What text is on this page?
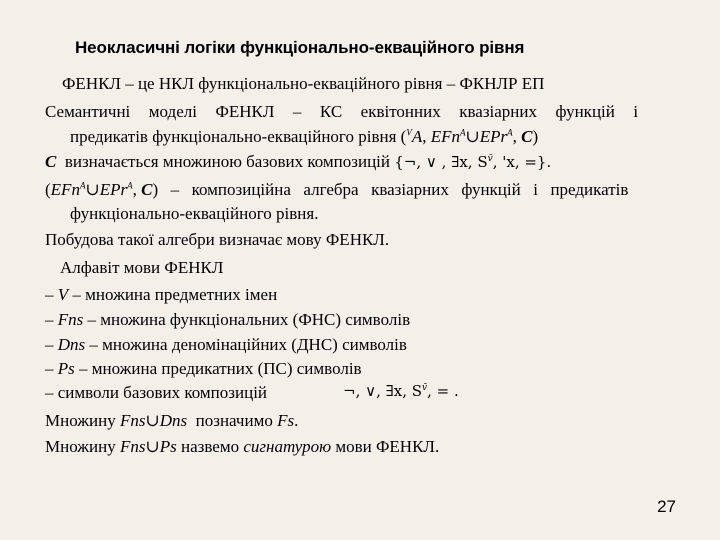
Неокласичні логіки функціонально-екваційного рівня
ФЕНКЛ – це НКЛ функціонально-екваційного рівня – ФКНЛР ЕП
Семантичні  моделі  ФЕНКЛ  –  КС  еквітонних  квазіарних  функцій  і
предикатів функціонально-екваційного рівня ($^V$A, EFn$^A$∪EPr$^A$, C)
C  визначається множиною базових композицій {¬, ∨ , ∃x, $S^{v̄}$, 'x, =}.
(EFn$^A$∪EPr$^A$, C)  –  композиційна  алгебра  квазіарних  функцій  і  предикатів
функціонально-екваційного рівня.
Побудова такої алгебри визначає мову ФЕНКЛ.
Алфавіт мови ФЕНКЛ
– V – множина предметних імен
– Fns – множина функціональних (ФНС) символів
– Dns – множина деномінаційних (ДНС) символів
– Ps – множина предикатних (ПС) символів
– символи базових композицій	¬, ∨, ∃x, $S^{v̄}$, = .
Множину Fns∪Dns  позначимо Fs.
Множину Fns∪Ps назвемо сигнатурою мови ФЕНКЛ.
27
